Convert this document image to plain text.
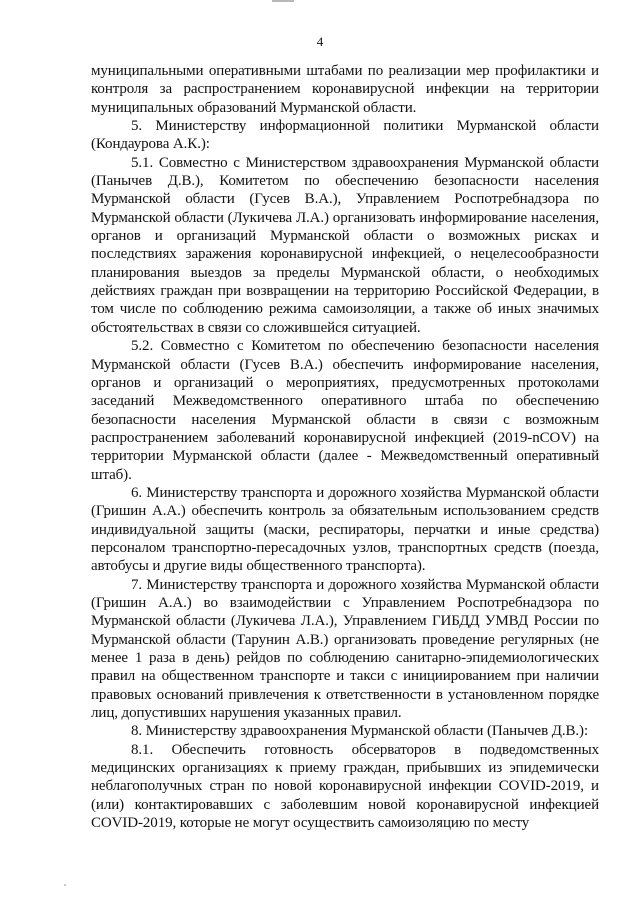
4

муниципальными оперативными штабами по реализации мер профилактики и контроля за распространением коронавирусной инфекции на территории муниципальных образований Мурманской области.

5. Министерству информационной политики Мурманской области (Кондаурова А.К.):

5.1. Совместно с Министерством здравоохранения Мурманской области (Панычев Д.В.), Комитетом по обеспечению безопасности населения Мурманской области (Гусев В.А.), Управлением Роспотребнадзора по Мурманской области (Лукичева Л.А.) организовать информирование населения, органов и организаций Мурманской области о возможных рисках и последствиях заражения коронавирусной инфекцией, о нецелесообразности планирования выездов за пределы Мурманской области, о необходимых действиях граждан при возвращении на территорию Российской Федерации, в том числе по соблюдению режима самоизоляции, а также об иных значимых обстоятельствах в связи со сложившейся ситуацией.

5.2. Совместно с Комитетом по обеспечению безопасности населения Мурманской области (Гусев В.А.) обеспечить информирование населения, органов и организаций о мероприятиях, предусмотренных протоколами заседаний Межведомственного оперативного штаба по обеспечению безопасности населения Мурманской области в связи с возможным распространением заболеваний коронавирусной инфекцией (2019-nCOV) на территории Мурманской области (далее - Межведомственный оперативный штаб).

6. Министерству транспорта и дорожного хозяйства Мурманской области (Гришин А.А.) обеспечить контроль за обязательным использованием средств индивидуальной защиты (маски, респираторы, перчатки и иные средства) персоналом транспортно-пересадочных узлов, транспортных средств (поезда, автобусы и другие виды общественного транспорта).

7. Министерству транспорта и дорожного хозяйства Мурманской области (Гришин А.А.) во взаимодействии с Управлением Роспотребнадзора по Мурманской области (Лукичева Л.А.), Управлением ГИБДД УМВД России по Мурманской области (Тарунин А.В.) организовать проведение регулярных (не менее 1 раза в день) рейдов по соблюдению санитарно-эпидемиологических правил на общественном транспорте и такси с инициированием при наличии правовых оснований привлечения к ответственности в установленном порядке лиц, допустивших нарушения указанных правил.

8. Министерству здравоохранения Мурманской области (Панычев Д.В.):

8.1. Обеспечить готовность обсерваторов в подведомственных медицинских организациях к приему граждан, прибывших из эпидемически неблагополучных стран по новой коронавирусной инфекции COVID-2019, и (или) контактировавших с заболевшим новой коронавирусной инфекцией COVID-2019, которые не могут осуществить самоизоляцию по месту
